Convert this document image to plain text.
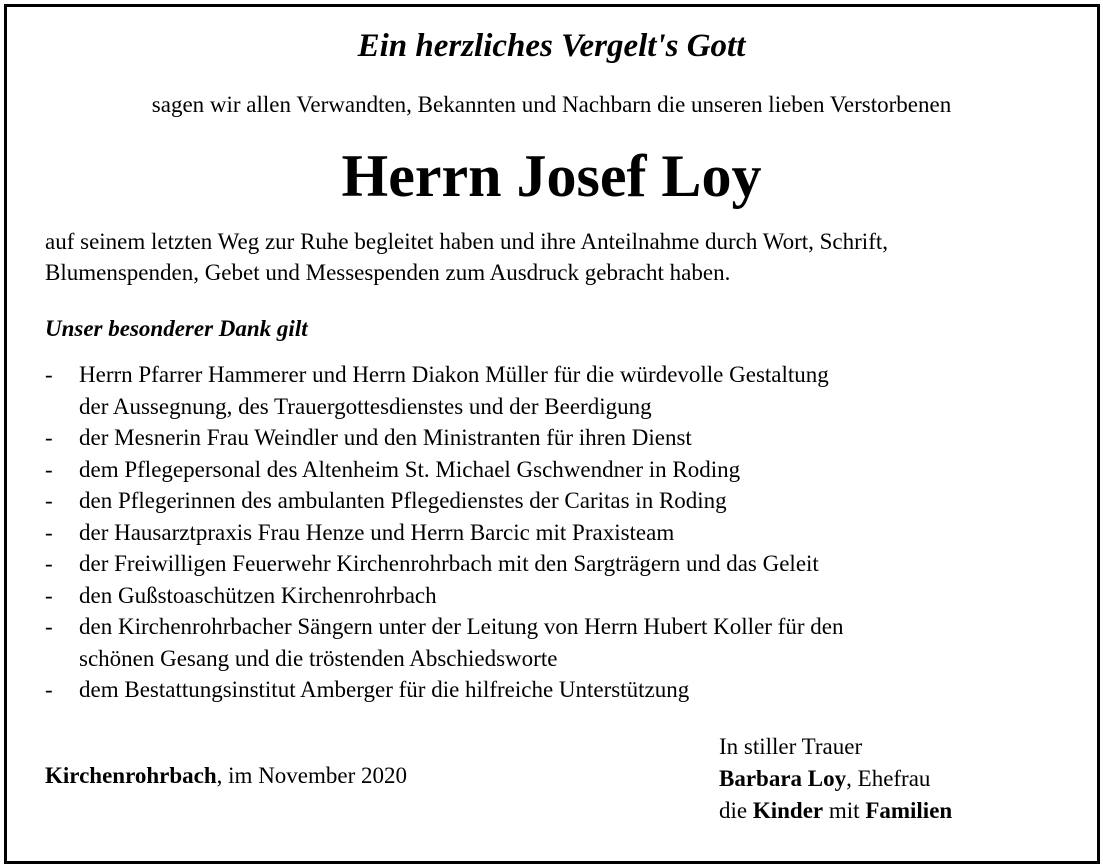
Ein herzliches Vergelt's Gott
sagen wir allen Verwandten, Bekannten und Nachbarn die unseren lieben Verstorbenen
Herrn Josef Loy
auf seinem letzten Weg zur Ruhe begleitet haben und ihre Anteilnahme durch Wort, Schrift,
Blumenspenden, Gebet und Messespenden zum Ausdruck gebracht haben.
Unser besonderer Dank gilt
- Herrn Pfarrer Hammerer und Herrn Diakon Müller für die würdevolle Gestaltung
der Aussegnung, des Trauergottesdienstes und der Beerdigung
- der Mesnerin Frau Weindler und den Ministranten für ihren Dienst
- dem Pflegepersonal des Altenheim St. Michael Gschwendner in Roding
- den Pflegerinnen des ambulanten Pflegedienstes der Caritas in Roding
- der Hausarztpraxis Frau Henze und Herrn Barcic mit Praxisteam
- der Freiwilligen Feuerwehr Kirchenrohrbach mit den Sargträgern und das Geleit
- den Gußstoaschützen Kirchenrohrbach
- den Kirchenrohrbacher Sängern unter der Leitung von Herrn Hubert Koller für den
schönen Gesang und die tröstenden Abschiedsworte
- dem Bestattungsinstitut Amberger für die hilfreiche Unterstützung
Kirchenrohrbach, im November 2020
In stiller Trauer
Barbara Loy, Ehefrau
die Kinder mit Familien
